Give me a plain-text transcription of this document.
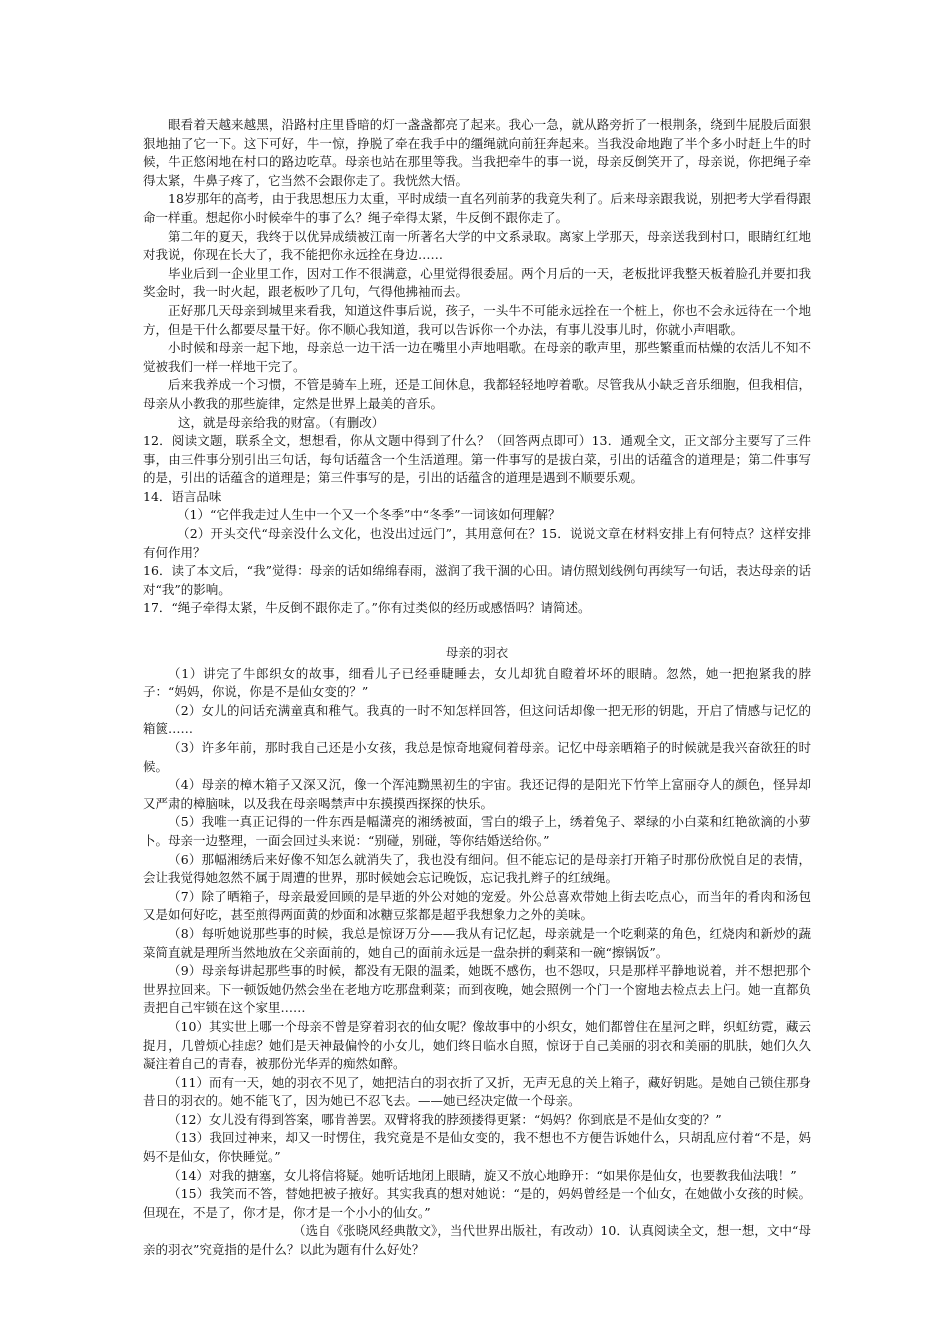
眼看着天越来越黑，沿路村庄里昏暗的灯一盏盏都亮了起来。我心一急，就从路旁折了一根荆条，绕到牛屁股后面狠狠地抽了它一下。这下可好，牛一惊，挣脱了牵在我手中的缰绳就向前狂奔起来。当我没命地跑了半个多小时赶上牛的时候，牛正悠闲地在村口的路边吃草。母亲也站在那里等我。当我把牵牛的事一说，母亲反倒笑开了，母亲说，你把绳子牵得太紧，牛鼻子疼了，它当然不会跟你走了。我恍然大悟。

18岁那年的高考，由于我思想压力太重，平时成绩一直名列前茅的我竟失利了。后来母亲跟我说，别把考大学看得跟命一样重。想起你小时候牵牛的事了么？绳子牵得太紧，牛反倒不跟你走了。

第二年的夏天，我终于以优异成绩被江南一所著名大学的中文系录取。离家上学那天，母亲送我到村口，眼睛红红地对我说，你现在长大了，我不能把你永远拴在身边……

毕业后到一企业里工作，因对工作不很满意，心里觉得很委屈。两个月后的一天，老板批评我整天板着脸孔并要扣我奖金时，我一时火起，跟老板吵了几句，气得他拂袖而去。

正好那几天母亲到城里来看我，知道这件事后说，孩子，一头牛不可能永远拴在一个桩上，你也不会永远待在一个地方，但是干什么都要尽量干好。你不顺心我知道，我可以告诉你一个办法，有事儿没事儿时，你就小声唱歌。

小时候和母亲一起下地，母亲总一边干活一边在嘴里小声地唱歌。在母亲的歌声里，那些繁重而枯燥的农活儿不知不觉被我们一样一样地干完了。

后来我养成一个习惯，不管是骑车上班，还是工间休息，我都轻轻地哼着歌。尽管我从小缺乏音乐细胞，但我相信，母亲从小教我的那些旋律，定然是世界上最美的音乐。

这，就是母亲给我的财富。（有删改）

12．阅读文题，联系全文，想想看，你从文题中得到了什么？（回答两点即可）13．通观全文，正文部分主要写了三件事，由三件事分别引出三句话，每句话蕴含一个生活道理。第一件事写的是拔白菜，引出的话蕴含的道理是；第二件事写的是，引出的话蕴含的道理是；第三件事写的是，引出的话蕴含的道理是遇到不顺要乐观。

14．语言品味

（1）“它伴我走过人生中一个又一个冬季”中“冬季”一词该如何理解？

（2）开头交代“母亲没什么文化，也没出过远门”，其用意何在？15．说说文章在材料安排上有何特点？这样安排有何作用？

16．读了本文后，“我”觉得：母亲的话如绵绵春雨，滋润了我干涸的心田。请仿照划线例句再续写一句话，表达母亲的话对“我”的影响。

17．“绳子牵得太紧，牛反倒不跟你走了。”你有过类似的经历或感悟吗？请简述。

母亲的羽衣

（1）讲完了牛郎织女的故事，细看儿子已经垂睫睡去，女儿却犹自瞪着坏坏的眼睛。忽然，她一把抱紧我的脖子：“妈妈，你说，你是不是仙女变的？”

（2）女儿的问话充满童真和稚气。我真的一时不知怎样回答，但这问话却像一把无形的钥匙，开启了情感与记忆的箱篋……

（3）许多年前，那时我自己还是小女孩，我总是惊奇地窥伺着母亲。记忆中母亲晒箱子的时候就是我兴奋欲狂的时候。

（4）母亲的樟木箱子又深又沉，像一个浑沌黝黑初生的宇宙。我还记得的是阳光下竹竿上富丽夺人的颜色，怪异却又严肃的樟脑味，以及我在母亲喝禁声中东摸摸西探探的快乐。

（5）我唯一真正记得的一件东西是幅潇亮的湘绣被面，雪白的缎子上，绣着兔子、翠绿的小白菜和红艳欲滴的小萝卜。母亲一边整理，一面会回过头来说：“别碰，别碰，等你结婚送给你。”

（6）那幅湘绣后来好像不知怎么就消失了，我也没有细问。但不能忘记的是母亲打开箱子时那份欣悦自足的表情，会让我觉得她忽然不属于周遭的世界，那时候她会忘记晚饭，忘记我扎辫子的红绒绳。

（7）除了晒箱子，母亲最爱回顾的是早逝的外公对她的宠爱。外公总喜欢带她上街去吃点心，而当年的肴肉和汤包又是如何好吃，甚至煎得两面黄的炒面和冰糖豆浆都是超乎我想象力之外的美味。

（8）每听她说那些事的时候，我总是惊讶万分——我从有记忆起，母亲就是一个吃剩菜的角色，红烧肉和新炒的蔬菜简直就是理所当然地放在父亲面前的，她自己的面前永远是一盘杂拼的剩菜和一碗“擦锅饭”。

（9）母亲每讲起那些事的时候，都没有无限的温柔，她既不感伤，也不怨叹，只是那样平静地说着，并不想把那个世界拉回来。下一顿饭她仍然会坐在老地方吃那盘剩菜；而到夜晚，她会照例一个门一个窗地去检点去上闩。她一直都负责把自己牢锁在这个家里……

（10）其实世上哪一个母亲不曾是穿着羽衣的仙女呢？像故事中的小织女，她们都曾住在星河之畔，织虹纺霓，藏云捉月，几曾烦心挂虑？她们是天神最偏怜的小女儿，她们终日临水自照，惊讶于自己美丽的羽衣和美丽的肌肤，她们久久凝注着自己的青春，被那份光华弄的痴然如醉。

（11）而有一天，她的羽衣不见了，她把洁白的羽衣折了又折，无声无息的关上箱子，藏好钥匙。是她自己锁住那身昔日的羽衣的。她不能飞了，因为她已不忍飞去。——她已经决定做一个母亲。

（12）女儿没有得到答案，哪肯善罢。双臂将我的脖颈搂得更紧：“妈妈？你到底是不是仙女变的？”

（13）我回过神来，却又一时愣住，我究竟是不是仙女变的，我不想也不方便告诉她什么，只胡乱应付着“不是，妈妈不是仙女，你快睡觉。”

（14）对我的搪塞，女儿将信将疑。她听话地闭上眼睛，旋又不放心地睁开：“如果你是仙女，也要教我仙法哦！”

（15）我笑而不答，替她把被子掖好。其实我真的想对她说：“是的，妈妈曾经是一个仙女，在她做小女孩的时候。但现在，不是了，你才是，你才是一个小小的仙女。”

（选自《张晓风经典散文》，当代世界出版社，有改动）10．认真阅读全文，想一想，文中“母亲的羽衣”究竟指的是什么？以此为题有什么好处？
